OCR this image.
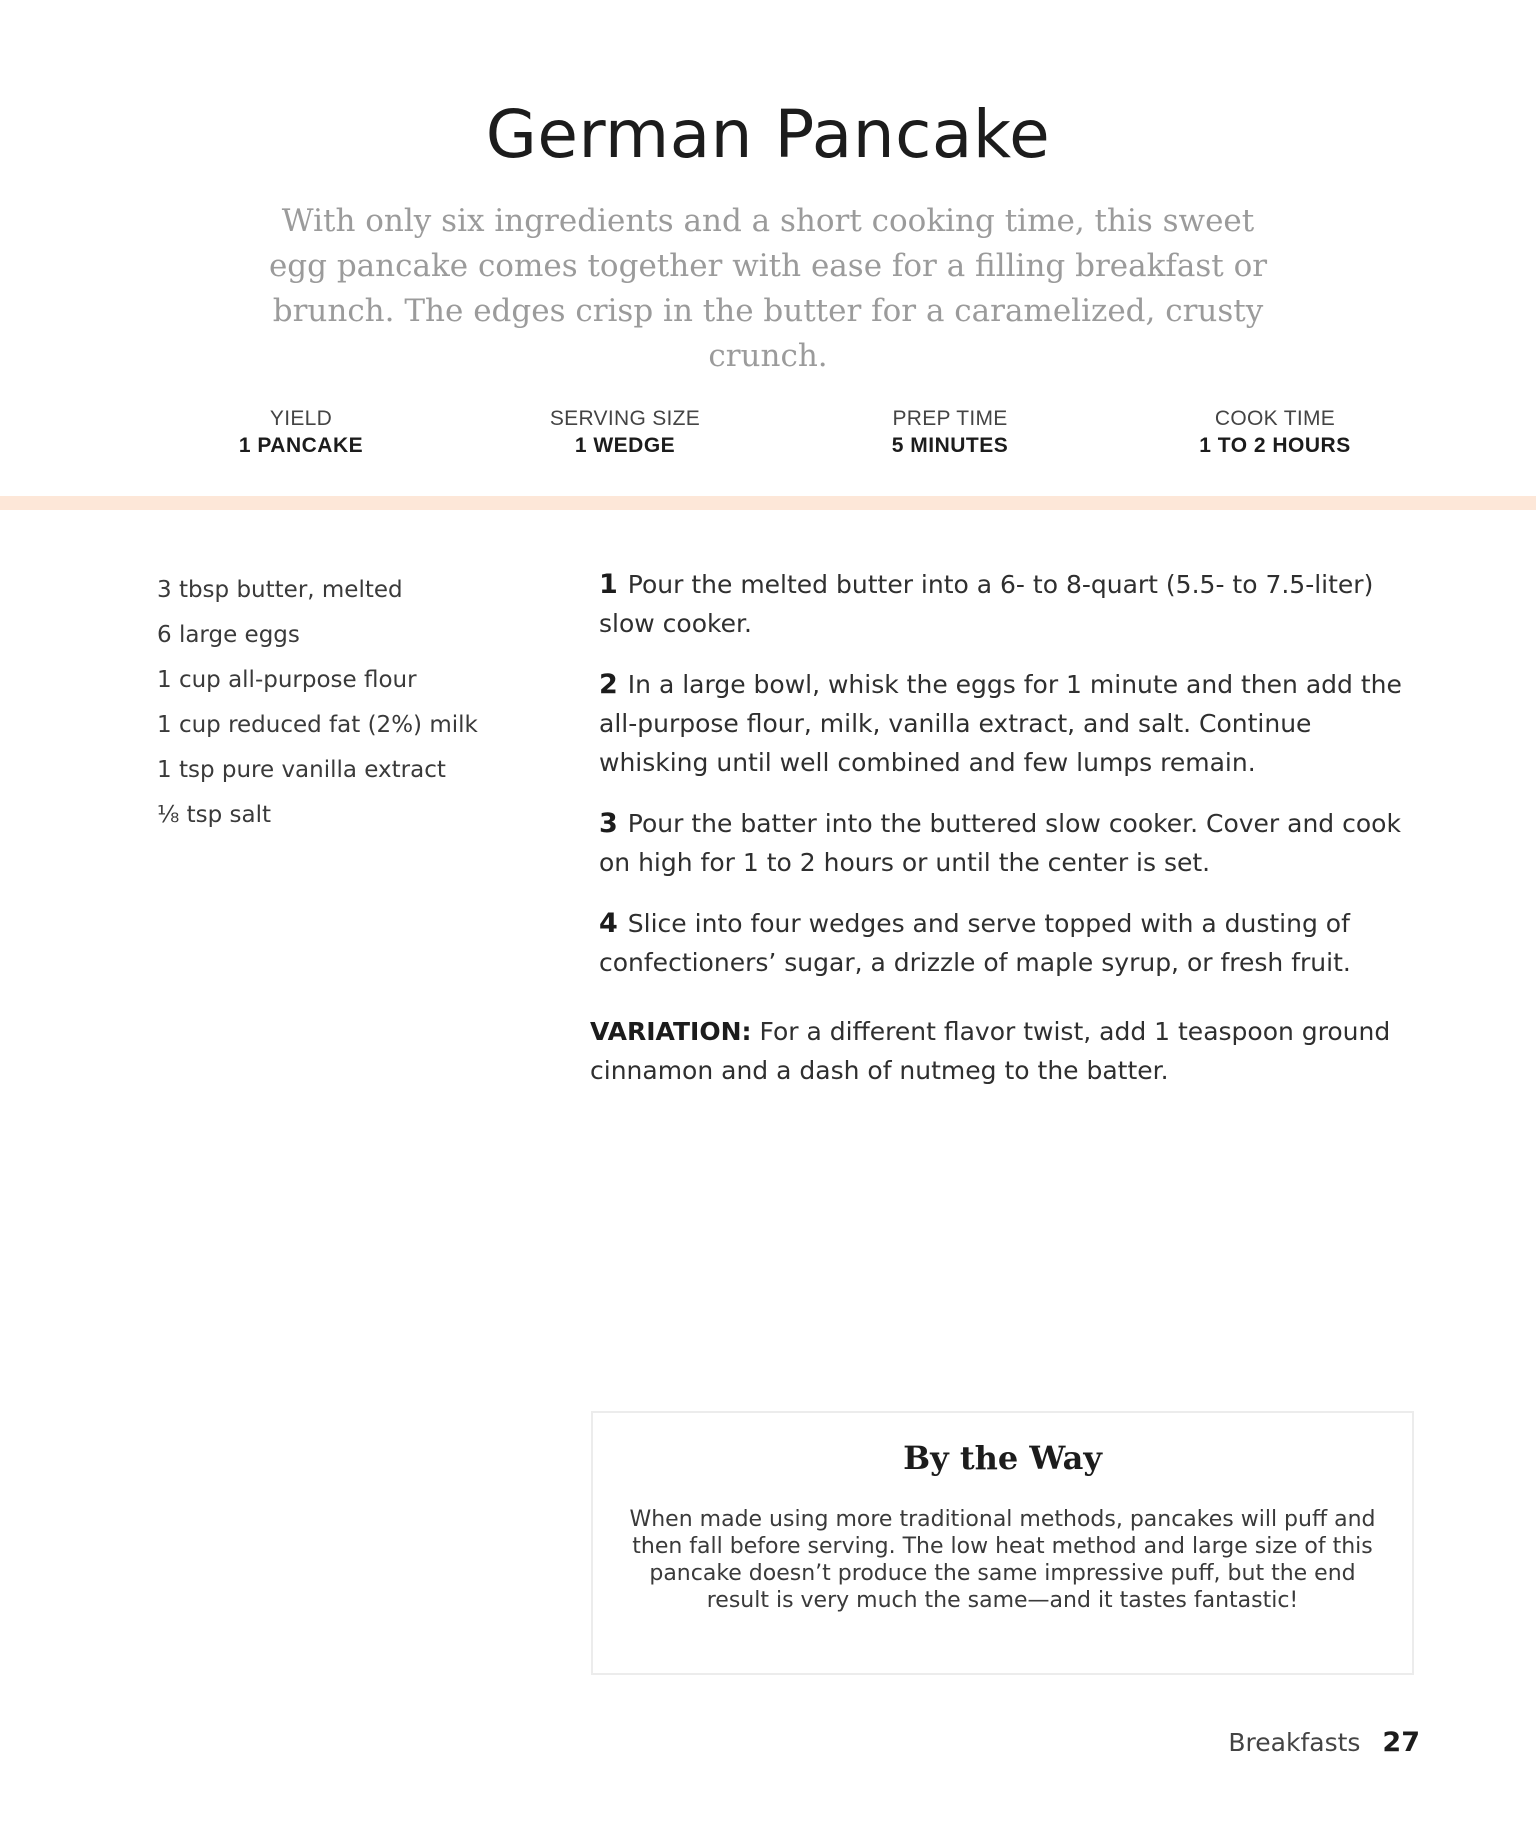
German Pancake

With only six ingredients and a short cooking time, this sweet egg pancake comes together with ease for a filling breakfast or brunch. The edges crisp in the butter for a caramelized, crusty crunch.

YIELD
1 PANCAKE
SERVING SIZE
1 WEDGE
PREP TIME
5 MINUTES
COOK TIME
1 TO 2 HOURS
3 tbsp butter, melted
6 large eggs
1 cup all-purpose flour
1 cup reduced fat (2%) milk
1 tsp pure vanilla extract
⅛ tsp salt

1 Pour the melted butter into a 6- to 8-quart (5.5- to 7.5-liter) slow cooker.

2 In a large bowl, whisk the eggs for 1 minute and then add the all-purpose flour, milk, vanilla extract, and salt. Continue whisking until well combined and few lumps remain.

3 Pour the batter into the buttered slow cooker. Cover and cook on high for 1 to 2 hours or until the center is set.

4 Slice into four wedges and serve topped with a dusting of confectioners’ sugar, a drizzle of maple syrup, or fresh fruit.

VARIATION: For a different flavor twist, add 1 teaspoon ground cinnamon and a dash of nutmeg to the batter.

By the Way

When made using more traditional methods, pancakes will puff and then fall before serving. The low heat method and large size of this pancake doesn’t produce the same impressive puff, but the end result is very much the same—and it tastes fantastic!

Breakfasts 27
